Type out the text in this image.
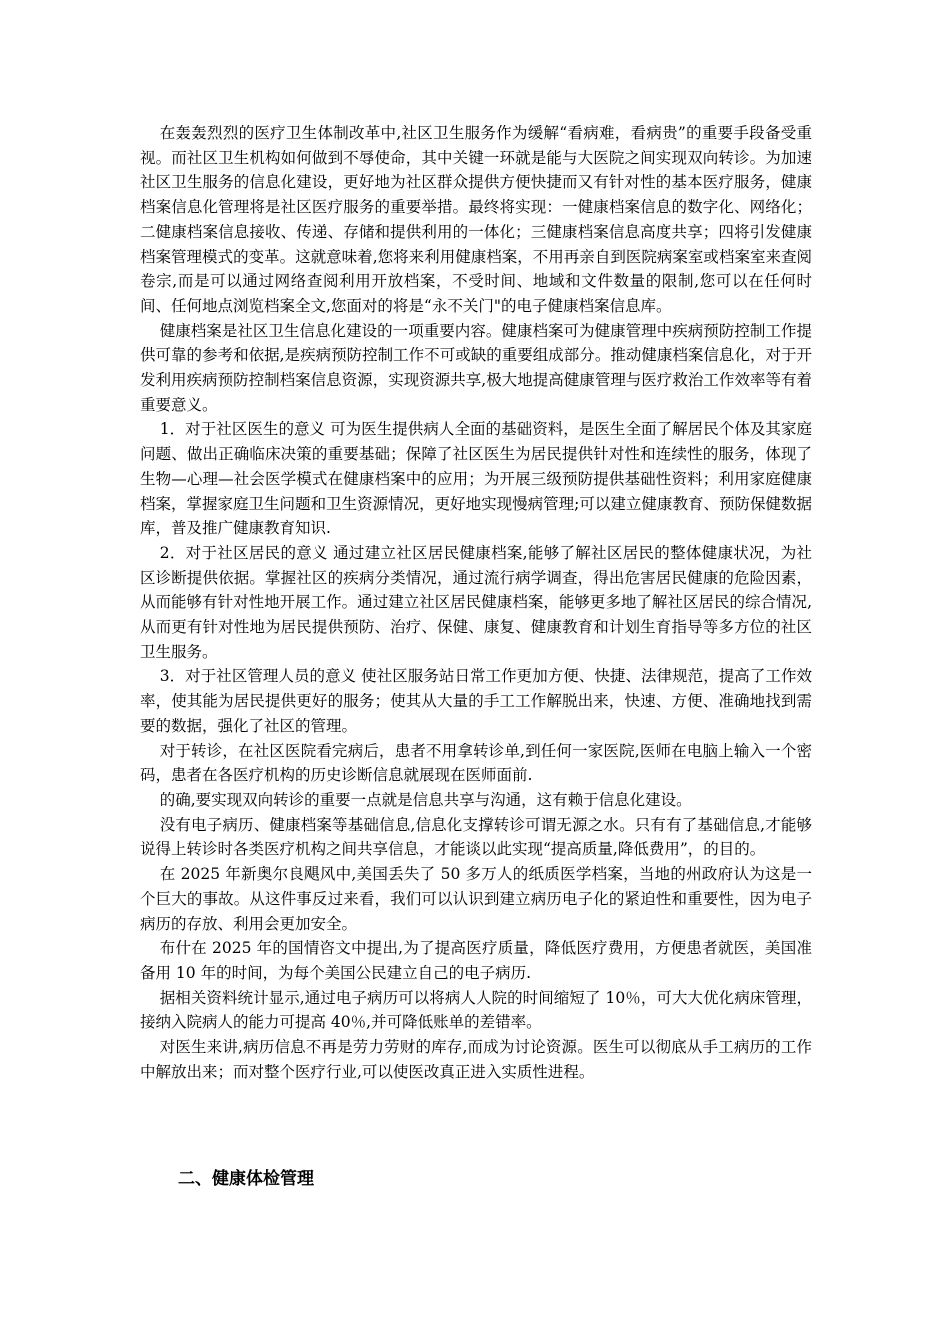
在轰轰烈烈的医疗卫生体制改革中,社区卫生服务作为缓解“看病难，看病贵”的重要手段备受重视。而社区卫生机构如何做到不辱使命，其中关键一环就是能与大医院之间实现双向转诊。为加速社区卫生服务的信息化建设，更好地为社区群众提供方便快捷而又有针对性的基本医疗服务，健康档案信息化管理将是社区医疗服务的重要举措。最终将实现：一健康档案信息的数字化、网络化；二健康档案信息接收、传递、存储和提供利用的一体化；三健康档案信息高度共享；四将引发健康档案管理模式的变革。这就意味着,您将来利用健康档案，不用再亲自到医院病案室或档案室来查阅卷宗,而是可以通过网络查阅利用开放档案，不受时间、地域和文件数量的限制,您可以在任何时间、任何地点浏览档案全文,您面对的将是“永不关门"的电子健康档案信息库。

健康档案是社区卫生信息化建设的一项重要内容。健康档案可为健康管理中疾病预防控制工作提供可靠的参考和依据,是疾病预防控制工作不可或缺的重要组成部分。推动健康档案信息化，对于开发利用疾病预防控制档案信息资源，实现资源共享,极大地提高健康管理与医疗救治工作效率等有着重要意义。

1．对于社区医生的意义 可为医生提供病人全面的基础资料，是医生全面了解居民个体及其家庭问题、做出正确临床决策的重要基础；保障了社区医生为居民提供针对性和连续性的服务，体现了生物—心理—社会医学模式在健康档案中的应用；为开展三级预防提供基础性资料；利用家庭健康档案，掌握家庭卫生问题和卫生资源情况，更好地实现慢病管理;可以建立健康教育、预防保健数据库，普及推广健康教育知识.

2．对于社区居民的意义 通过建立社区居民健康档案,能够了解社区居民的整体健康状况，为社区诊断提供依据。掌握社区的疾病分类情况，通过流行病学调查，得出危害居民健康的危险因素，从而能够有针对性地开展工作。通过建立社区居民健康档案，能够更多地了解社区居民的综合情况,从而更有针对性地为居民提供预防、治疗、保健、康复、健康教育和计划生育指导等多方位的社区卫生服务。

3．对于社区管理人员的意义 使社区服务站日常工作更加方便、快捷、法律规范，提高了工作效率，使其能为居民提供更好的服务；使其从大量的手工工作解脱出来，快速、方便、准确地找到需要的数据，强化了社区的管理。

对于转诊，在社区医院看完病后，患者不用拿转诊单,到任何一家医院,医师在电脑上输入一个密码，患者在各医疗机构的历史诊断信息就展现在医师面前.

的确,要实现双向转诊的重要一点就是信息共享与沟通，这有赖于信息化建设。

没有电子病历、健康档案等基础信息,信息化支撑转诊可谓无源之水。只有有了基础信息,才能够说得上转诊时各类医疗机构之间共享信息，才能谈以此实现“提高质量,降低费用”，的目的。

在 2025 年新奥尔良飓风中,美国丢失了 50 多万人的纸质医学档案，当地的州政府认为这是一个巨大的事故。从这件事反过来看，我们可以认识到建立病历电子化的紧迫性和重要性，因为电子病历的存放、利用会更加安全。

布什在 2025 年的国情咨文中提出,为了提高医疗质量，降低医疗费用，方便患者就医，美国准备用 10 年的时间，为每个美国公民建立自己的电子病历.

据相关资料统计显示,通过电子病历可以将病人人院的时间缩短了 10％，可大大优化病床管理，接纳入院病人的能力可提高 40％,并可降低账单的差错率。

对医生来讲,病历信息不再是劳力劳财的库存,而成为讨论资源。医生可以彻底从手工病历的工作中解放出来；而对整个医疗行业,可以使医改真正进入实质性进程。

二、健康体检管理
